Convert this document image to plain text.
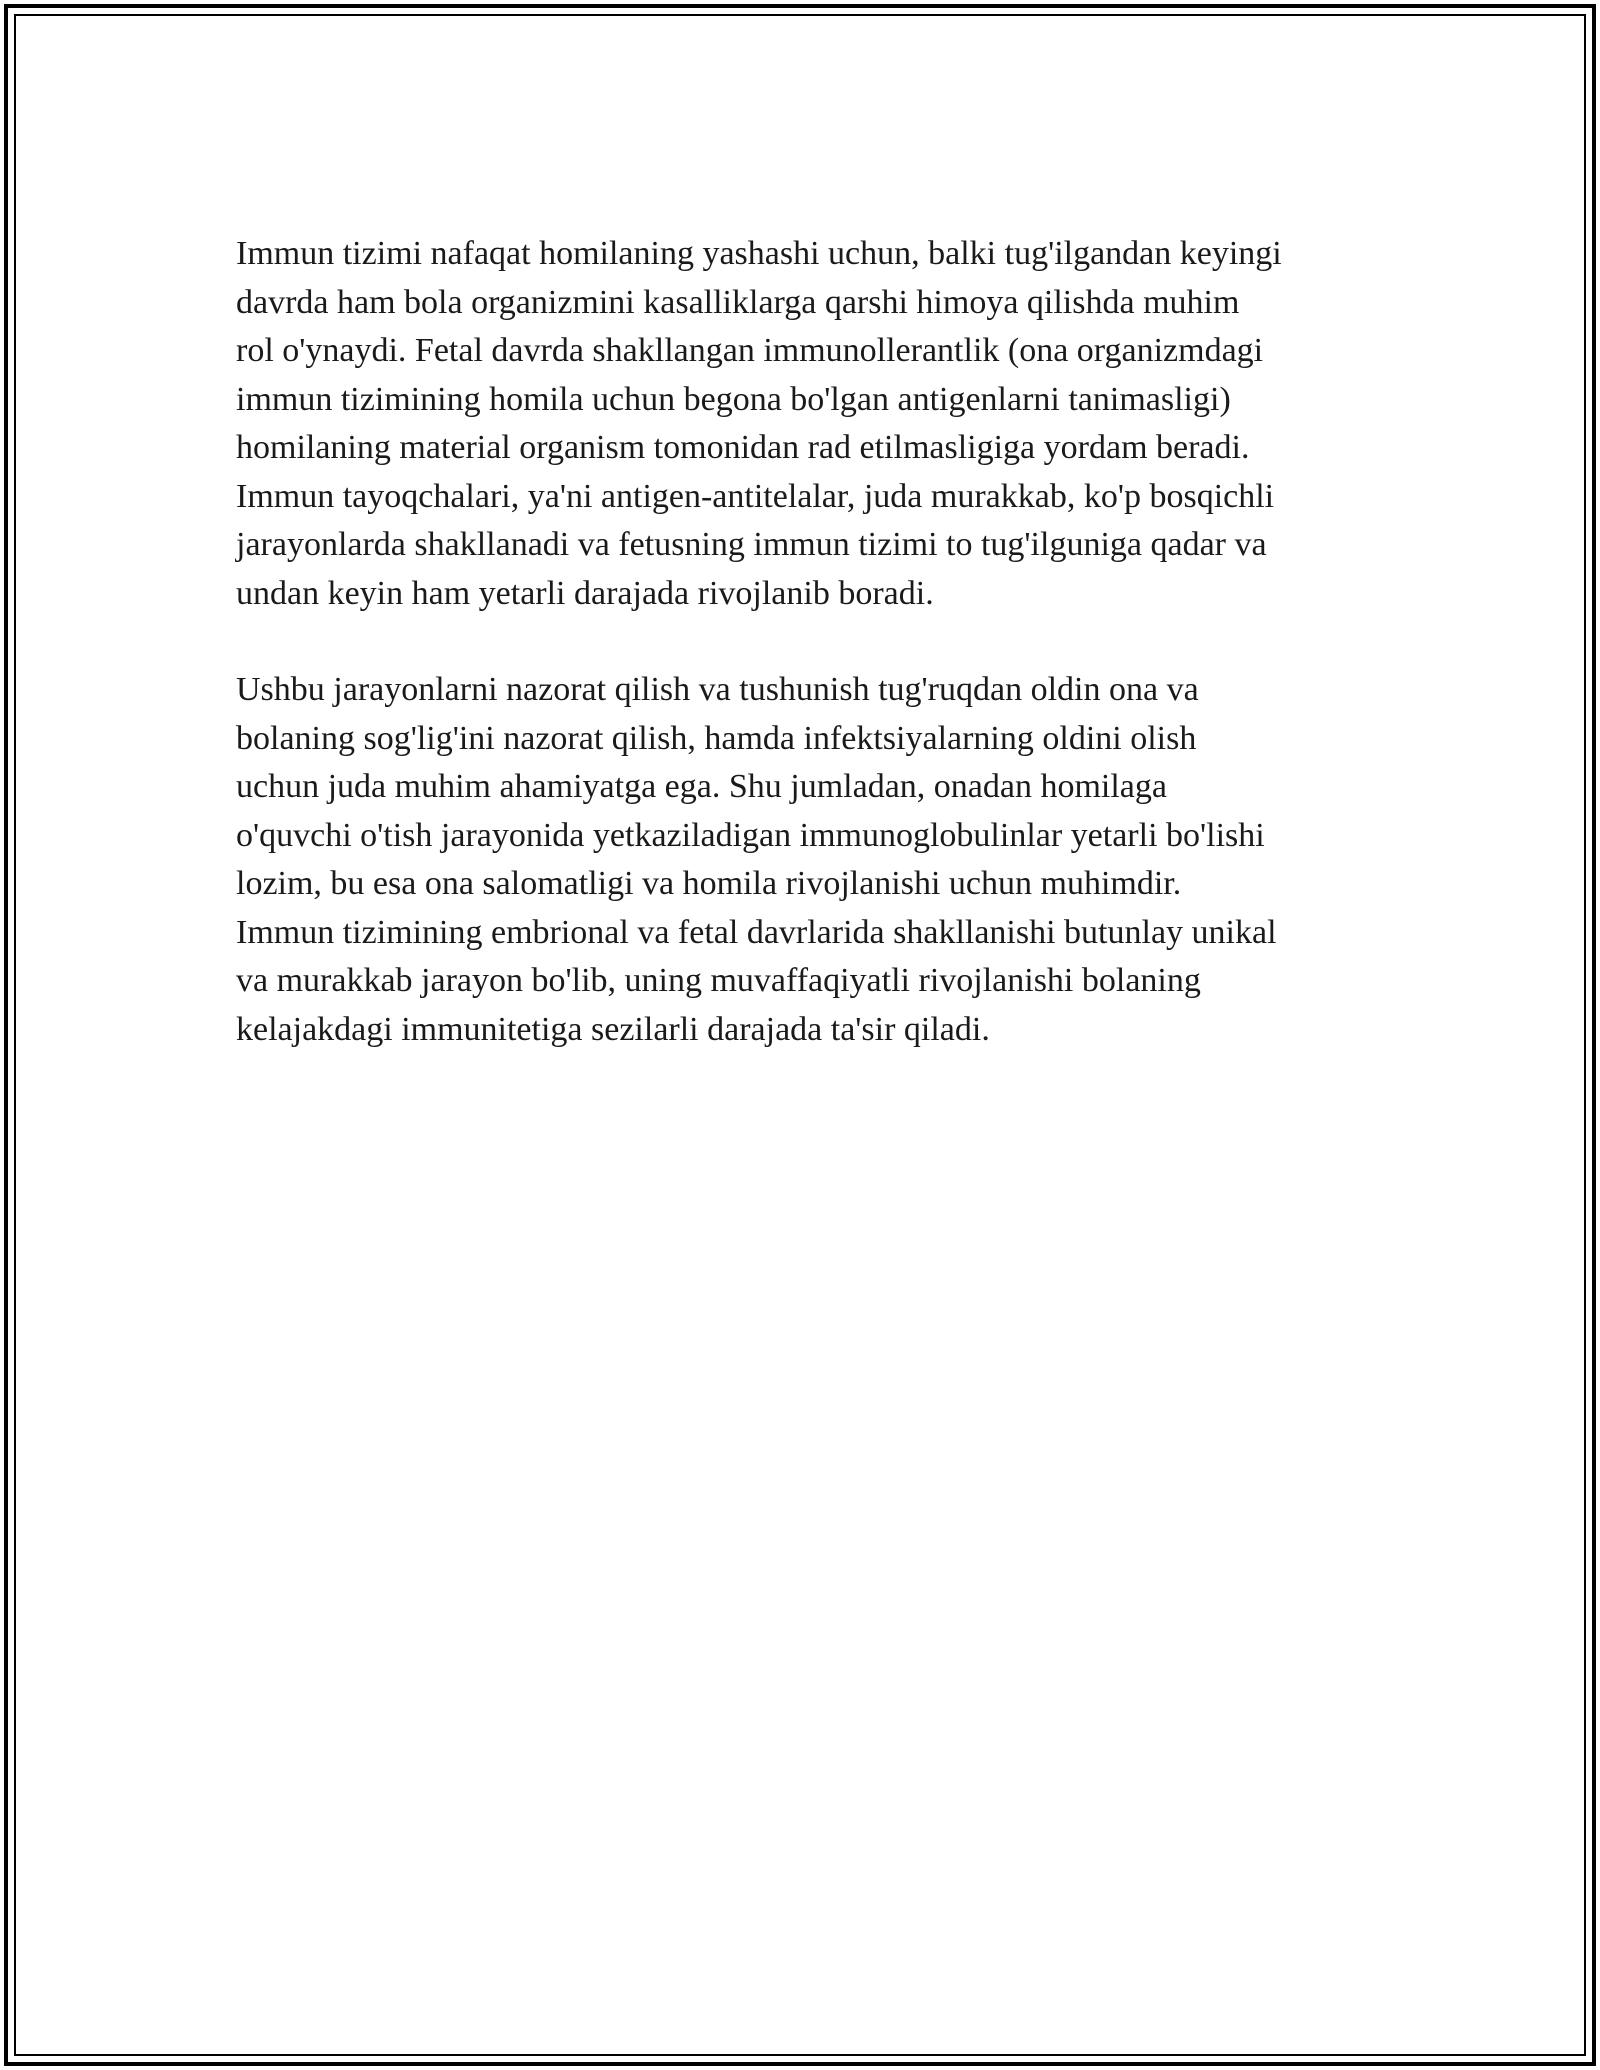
Immun tizimi nafaqat homilaning yashashi uchun, balki tug'ilgandan keyingi
davrda ham bola organizmini kasalliklarga qarshi himoya qilishda muhim
rol o'ynaydi. Fetal davrda shakllangan immunollerantlik (ona organizmdagi
immun tizimining homila uchun begona bo'lgan antigenlarni tanimasligi)
homilaning material organism tomonidan rad etilmasligiga yordam beradi.
Immun tayoqchalari, ya'ni antigen-antitelalar, juda murakkab, ko'p bosqichli
jarayonlarda shakllanadi va fetusning immun tizimi to tug'ilguniga qadar va
undan keyin ham yetarli darajada rivojlanib boradi.

Ushbu jarayonlarni nazorat qilish va tushunish tug'ruqdan oldin ona va
bolaning sog'lig'ini nazorat qilish, hamda infektsiyalarning oldini olish
uchun juda muhim ahamiyatga ega. Shu jumladan, onadan homilaga
o'quvchi o'tish jarayonida yetkaziladigan immunoglobulinlar yetarli bo'lishi
lozim, bu esa ona salomatligi va homila rivojlanishi uchun muhimdir.
Immun tizimining embrional va fetal davrlarida shakllanishi butunlay unikal
va murakkab jarayon bo'lib, uning muvaffaqiyatli rivojlanishi bolaning
kelajakdagi immunitetiga sezilarli darajada ta'sir qiladi.
